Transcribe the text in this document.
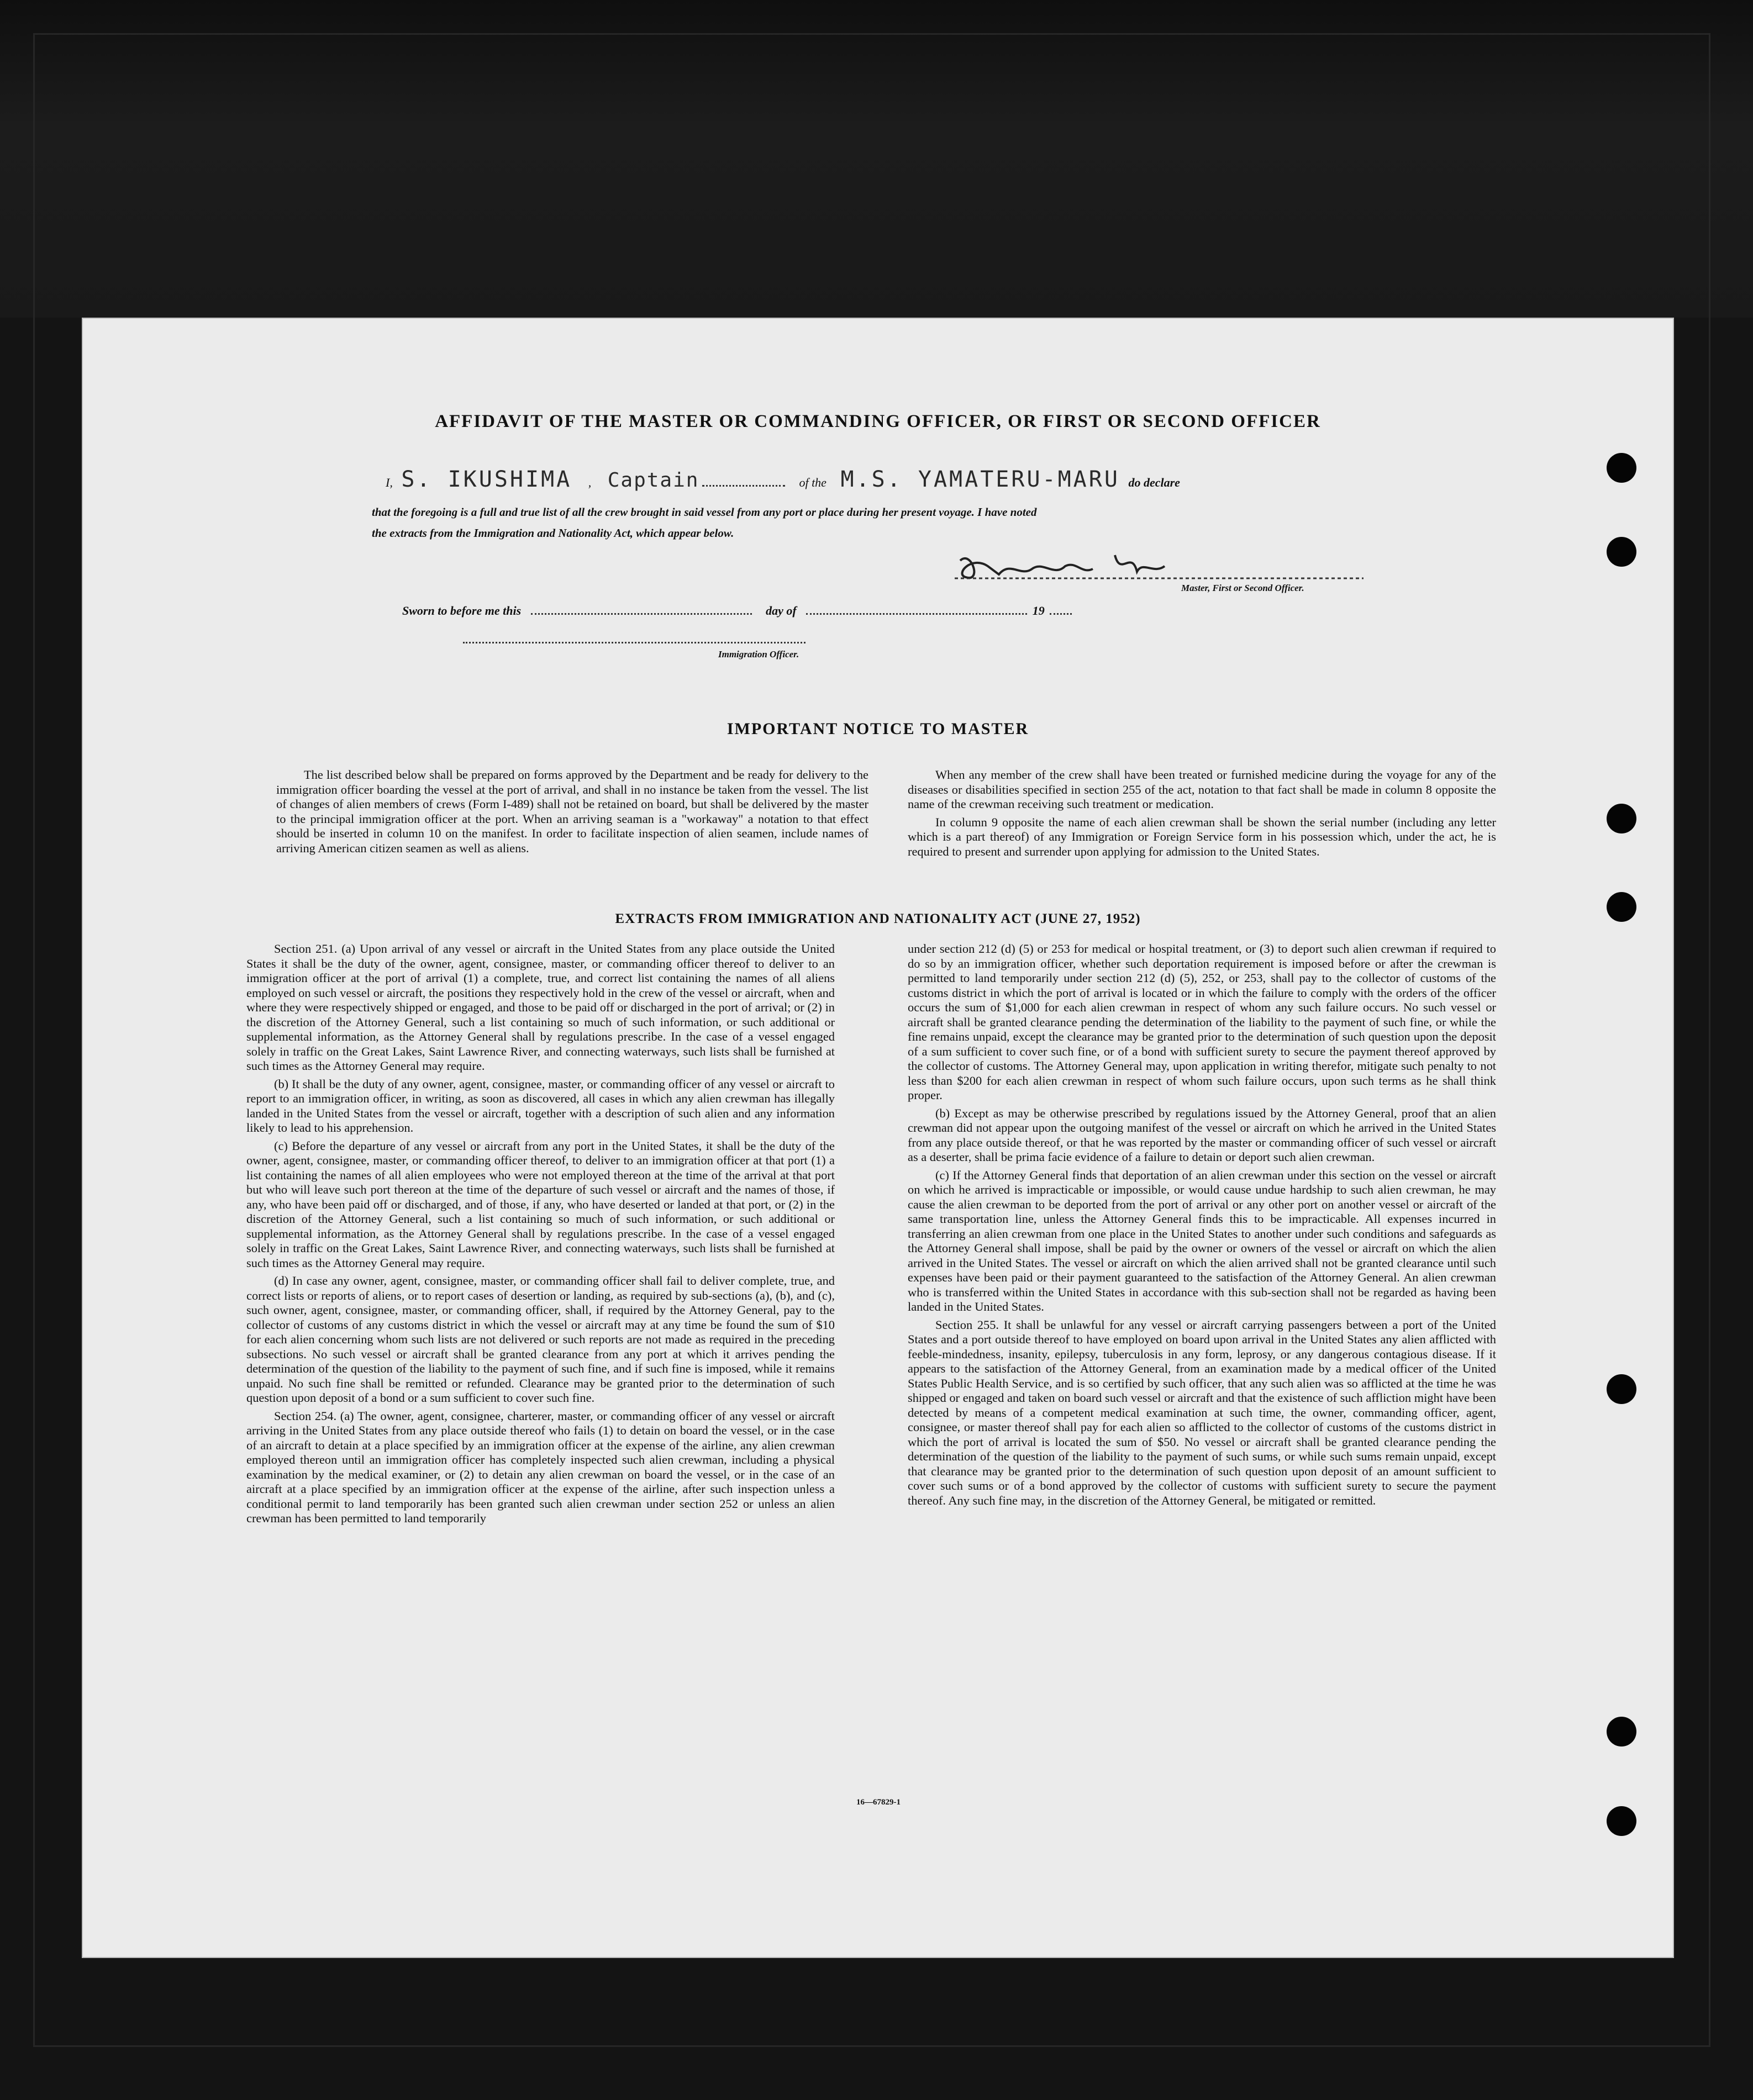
AFFIDAVIT OF THE MASTER OR COMMANDING OFFICER, OR FIRST OR SECOND OFFICER
I, S. IKUSHIMA , Captain	of the M.S. YAMATERU-MARU do declare
that the foregoing is a full and true list of all the crew brought in said vessel from any port or place during her present voyage. I have noted
the extracts from the Immigration and Nationality Act, which appear below.
Master, First or Second Officer.
Sworn to before me this	day of	19
Immigration Officer.
IMPORTANT NOTICE TO MASTER

The list described below shall be prepared on forms approved by the Department and be ready for delivery to the immigration officer boarding the vessel at the port of arrival, and shall in no instance be taken from the vessel. The list of changes of alien members of crews (Form I-489) shall not be retained on board, but shall be delivered by the master to the principal immigration officer at the port. When an arriving seaman is a "workaway" a notation to that effect should be inserted in column 10 on the manifest. In order to facilitate inspection of alien seamen, include names of arriving American citizen seamen as well as aliens.

When any member of the crew shall have been treated or furnished medicine during the voyage for any of the diseases or disabilities specified in section 255 of the act, notation to that fact shall be made in column 8 opposite the name of the crewman receiving such treatment or medication.

In column 9 opposite the name of each alien crewman shall be shown the serial number (including any letter which is a part thereof) of any Immigration or Foreign Service form in his possession which, under the act, he is required to present and surrender upon applying for admission to the United States.

EXTRACTS FROM IMMIGRATION AND NATIONALITY ACT (JUNE 27, 1952)

Section 251. (a) Upon arrival of any vessel or aircraft in the United States from any place outside the United States it shall be the duty of the owner, agent, consignee, master, or commanding officer thereof to deliver to an immigration officer at the port of arrival (1) a complete, true, and correct list containing the names of all aliens employed on such vessel or aircraft, the positions they respectively hold in the crew of the vessel or aircraft, when and where they were respectively shipped or engaged, and those to be paid off or discharged in the port of arrival; or (2) in the discretion of the Attorney General, such a list containing so much of such information, or such additional or supplemental information, as the Attorney General shall by regulations prescribe. In the case of a vessel engaged solely in traffic on the Great Lakes, Saint Lawrence River, and connecting waterways, such lists shall be furnished at such times as the Attorney General may require.

(b) It shall be the duty of any owner, agent, consignee, master, or commanding officer of any vessel or aircraft to report to an immigration officer, in writing, as soon as discovered, all cases in which any alien crewman has illegally landed in the United States from the vessel or aircraft, together with a description of such alien and any information likely to lead to his apprehension.

(c) Before the departure of any vessel or aircraft from any port in the United States, it shall be the duty of the owner, agent, consignee, master, or commanding officer thereof, to deliver to an immigration officer at that port (1) a list containing the names of all alien employees who were not employed thereon at the time of the arrival at that port but who will leave such port thereon at the time of the departure of such vessel or aircraft and the names of those, if any, who have been paid off or discharged, and of those, if any, who have deserted or landed at that port, or (2) in the discretion of the Attorney General, such a list containing so much of such information, or such additional or supplemental information, as the Attorney General shall by regulations prescribe. In the case of a vessel engaged solely in traffic on the Great Lakes, Saint Lawrence River, and connecting waterways, such lists shall be furnished at such times as the Attorney General may require.

(d) In case any owner, agent, consignee, master, or commanding officer shall fail to deliver complete, true, and correct lists or reports of aliens, or to report cases of desertion or landing, as required by sub-sections (a), (b), and (c), such owner, agent, consignee, master, or commanding officer, shall, if required by the Attorney General, pay to the collector of customs of any customs district in which the vessel or aircraft may at any time be found the sum of $10 for each alien concerning whom such lists are not delivered or such reports are not made as required in the preceding subsections. No such vessel or aircraft shall be granted clearance from any port at which it arrives pending the determination of the question of the liability to the payment of such fine, and if such fine is imposed, while it remains unpaid. No such fine shall be remitted or refunded. Clearance may be granted prior to the determination of such question upon deposit of a bond or a sum sufficient to cover such fine.

Section 254. (a) The owner, agent, consignee, charterer, master, or commanding officer of any vessel or aircraft arriving in the United States from any place outside thereof who fails (1) to detain on board the vessel, or in the case of an aircraft to detain at a place specified by an immigration officer at the expense of the airline, any alien crewman employed thereon until an immigration officer has completely inspected such alien crewman, including a physical examination by the medical examiner, or (2) to detain any alien crewman on board the vessel, or in the case of an aircraft at a place specified by an immigration officer at the expense of the airline, after such inspection unless a conditional permit to land temporarily has been granted such alien crewman under section 252 or unless an alien crewman has been permitted to land temporarily

under section 212 (d) (5) or 253 for medical or hospital treatment, or (3) to deport such alien crewman if required to do so by an immigration officer, whether such deportation requirement is imposed before or after the crewman is permitted to land temporarily under section 212 (d) (5), 252, or 253, shall pay to the collector of customs of the customs district in which the port of arrival is located or in which the failure to comply with the orders of the officer occurs the sum of $1,000 for each alien crewman in respect of whom any such failure occurs. No such vessel or aircraft shall be granted clearance pending the determination of the liability to the payment of such fine, or while the fine remains unpaid, except the clearance may be granted prior to the determination of such question upon the deposit of a sum sufficient to cover such fine, or of a bond with sufficient surety to secure the payment thereof approved by the collector of customs. The Attorney General may, upon application in writing therefor, mitigate such penalty to not less than $200 for each alien crewman in respect of whom such failure occurs, upon such terms as he shall think proper.

(b) Except as may be otherwise prescribed by regulations issued by the Attorney General, proof that an alien crewman did not appear upon the outgoing manifest of the vessel or aircraft on which he arrived in the United States from any place outside thereof, or that he was reported by the master or commanding officer of such vessel or aircraft as a deserter, shall be prima facie evidence of a failure to detain or deport such alien crewman.

(c) If the Attorney General finds that deportation of an alien crewman under this section on the vessel or aircraft on which he arrived is impracticable or impossible, or would cause undue hardship to such alien crewman, he may cause the alien crewman to be deported from the port of arrival or any other port on another vessel or aircraft of the same transportation line, unless the Attorney General finds this to be impracticable. All expenses incurred in transferring an alien crewman from one place in the United States to another under such conditions and safeguards as the Attorney General shall impose, shall be paid by the owner or owners of the vessel or aircraft on which the alien arrived in the United States. The vessel or aircraft on which the alien arrived shall not be granted clearance until such expenses have been paid or their payment guaranteed to the satisfaction of the Attorney General. An alien crewman who is transferred within the United States in accordance with this sub-section shall not be regarded as having been landed in the United States.

Section 255. It shall be unlawful for any vessel or aircraft carrying passengers between a port of the United States and a port outside thereof to have employed on board upon arrival in the United States any alien afflicted with feeble-mindedness, insanity, epilepsy, tuberculosis in any form, leprosy, or any dangerous contagious disease. If it appears to the satisfaction of the Attorney General, from an examination made by a medical officer of the United States Public Health Service, and is so certified by such officer, that any such alien was so afflicted at the time he was shipped or engaged and taken on board such vessel or aircraft and that the existence of such affliction might have been detected by means of a competent medical examination at such time, the owner, commanding officer, agent, consignee, or master thereof shall pay for each alien so afflicted to the collector of customs of the customs district in which the port of arrival is located the sum of $50. No vessel or aircraft shall be granted clearance pending the determination of the question of the liability to the payment of such sums, or while such sums remain unpaid, except that clearance may be granted prior to the determination of such question upon deposit of an amount sufficient to cover such sums or of a bond approved by the collector of customs with sufficient surety to secure the payment thereof. Any such fine may, in the discretion of the Attorney General, be mitigated or remitted.

16—67829-1
